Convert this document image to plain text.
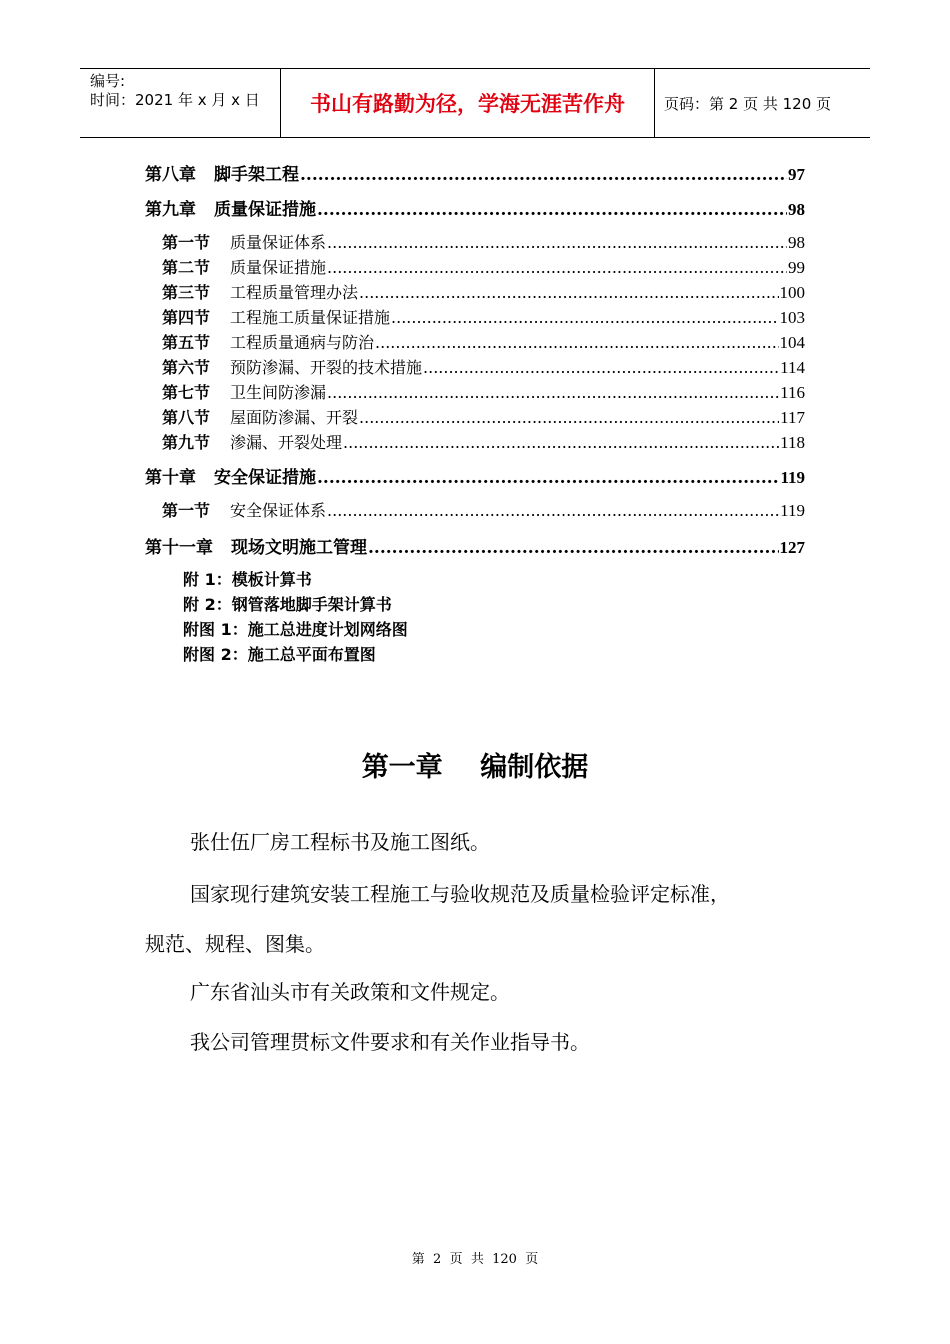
编号:
时间：2021 年 x 月 x 日	书山有路勤为径，学海无涯苦作舟	页码：第 2 页 共 120 页
第八章 脚手架工程 .....	97
第九章 质量保证措施 .....	98
第一节 质量保证体系 .....	98
第二节 质量保证措施 .....	99
第三节 工程质量管理办法 .....	100
第四节 工程施工质量保证措施 .....	103
第五节 工程质量通病与防治 .....	104
第六节 预防渗漏、开裂的技术措施 .....	114
第七节 卫生间防渗漏 .....	116
第八节 屋面防渗漏、开裂 .....	117
第九节 渗漏、开裂处理 .....	118
第十章 安全保证措施 .....	119
第一节 安全保证体系 .....	119
第十一章 现场文明施工管理 .....	127
附 1：模板计算书
附 2：钢管落地脚手架计算书
附图 1：施工总进度计划网络图
附图 2：施工总平面布置图
第一章    编制依据
张仕伍厂房工程标书及施工图纸。
国家现行建筑安装工程施工与验收规范及质量检验评定标准，
规范、规程、图集。
广东省汕头市有关政策和文件规定。
我公司管理贯标文件要求和有关作业指导书。
第  2  页  共  120  页
